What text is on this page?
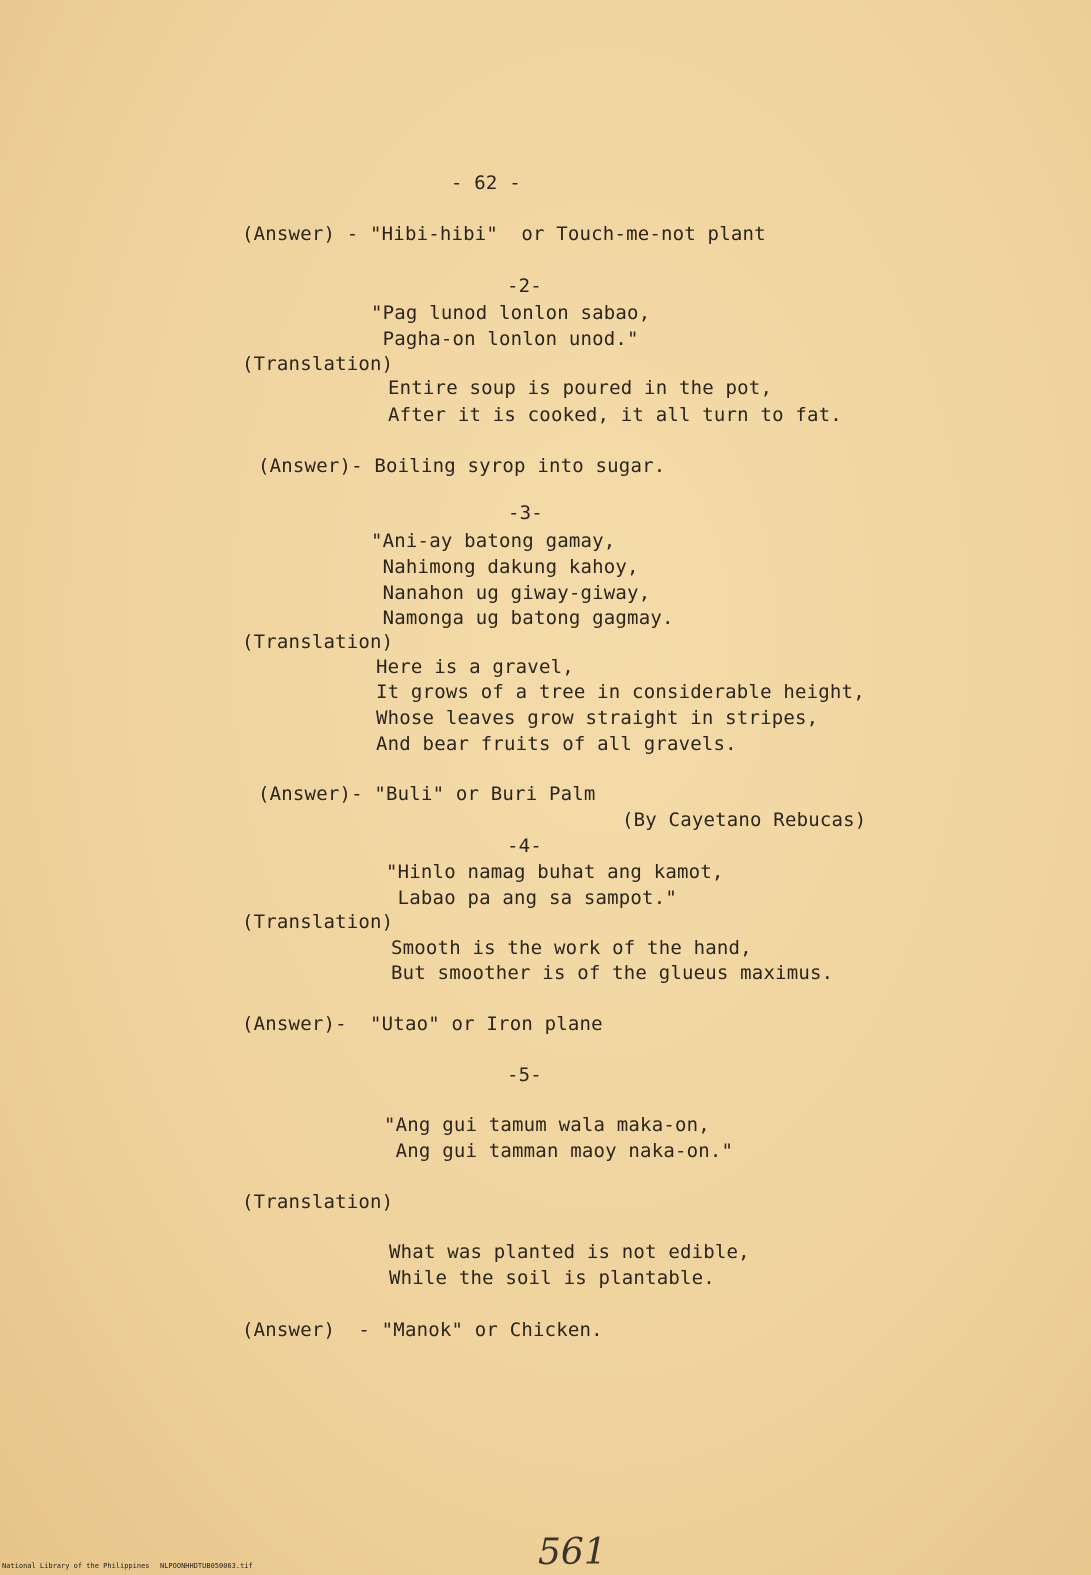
- 62 -
(Answer) - "Hibi-hibi"  or Touch-me-not plant
-2-
"Pag lunod lonlon sabao,
Pagha-on lonlon unod."
(Translation)
Entire soup is poured in the pot,
After it is cooked, it all turn to fat.
(Answer)- Boiling syrop into sugar.
-3-
"Ani-ay batong gamay,
Nahimong dakung kahoy,
Nanahon ug giway-giway,
Namonga ug batong gagmay.
(Translation)
Here is a gravel,
It grows of a tree in considerable height,
Whose leaves grow straight in stripes,
And bear fruits of all gravels.
(Answer)- "Buli" or Buri Palm
(By Cayetano Rebucas)
-4-
"Hinlo namag buhat ang kamot,
Labao pa ang sa sampot."
(Translation)
Smooth is the work of the hand,
But smoother is of the glueus maximus.
(Answer)-  "Utao" or Iron plane
-5-
"Ang gui tamum wala maka-on,
Ang gui tamman maoy naka-on."
(Translation)
What was planted is not edible,
While the soil is plantable.
(Answer)  - "Manok" or Chicken.
561
National Library of the Philippines NLPOONHHDTUB050063.tif
